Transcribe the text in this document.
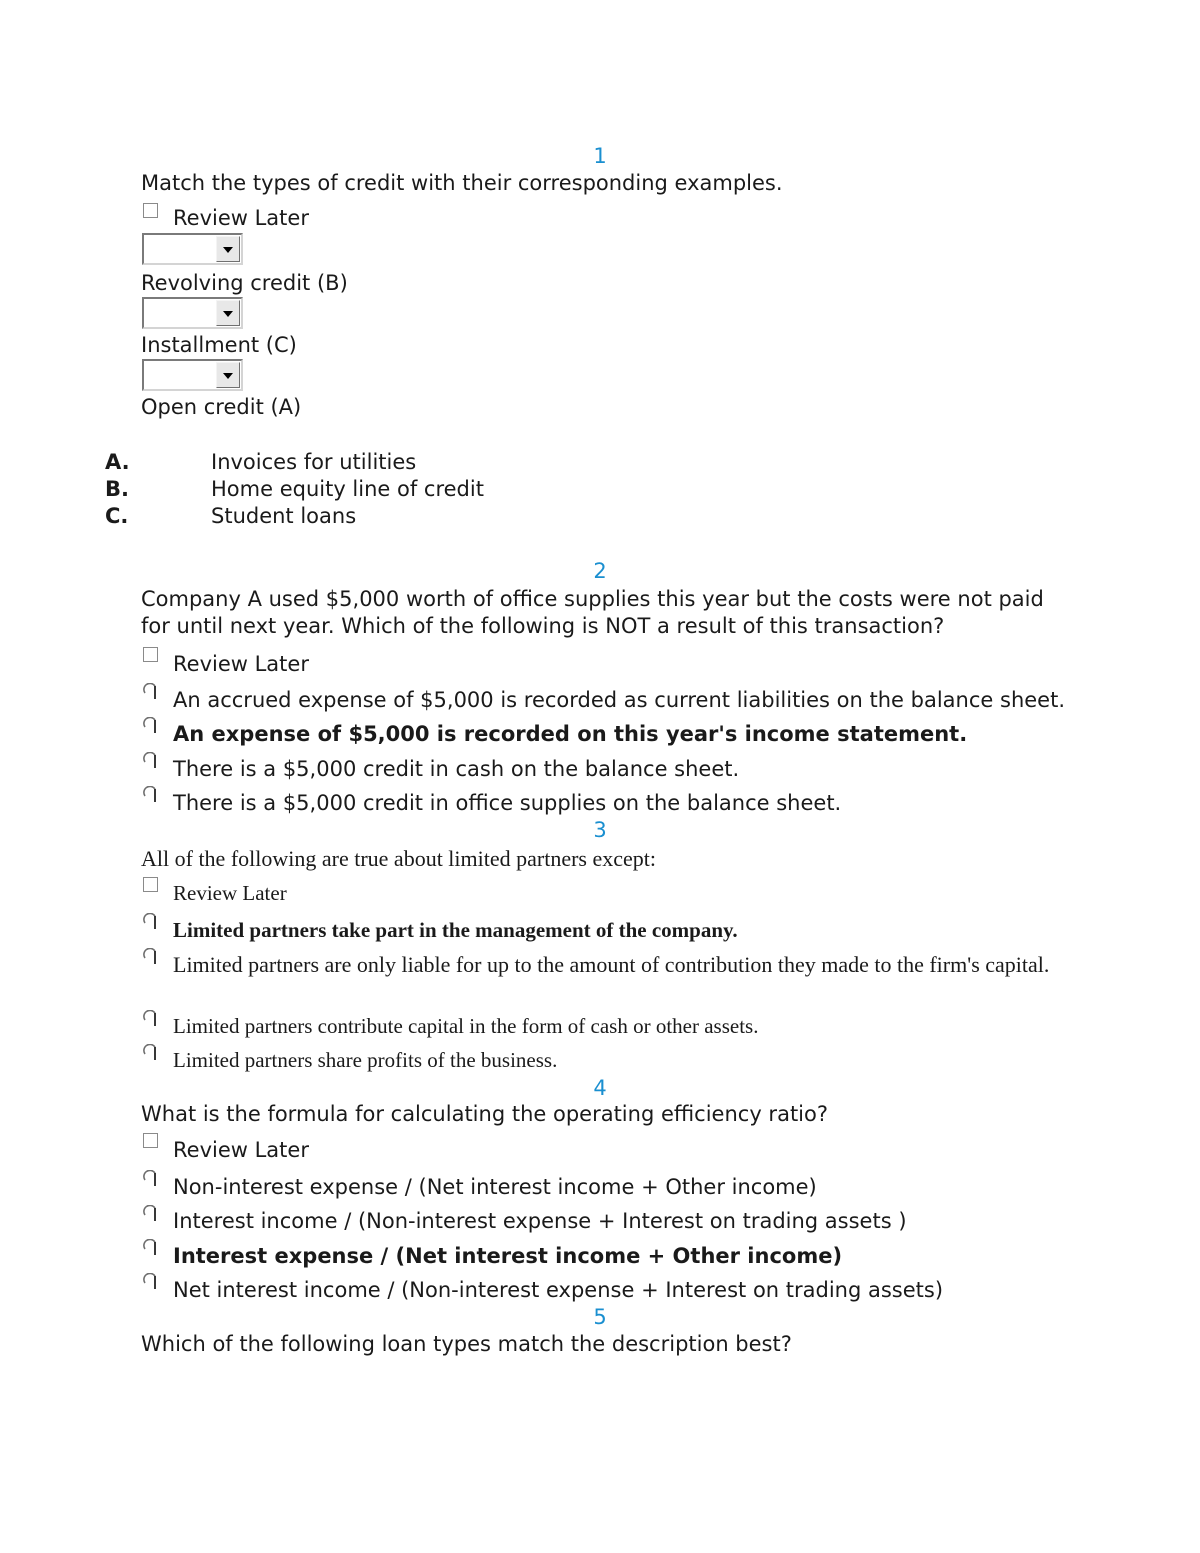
1
Match the types of credit with their corresponding examples.
Review Later
Revolving credit (B)
Installment (C)
Open credit (A)
A.	Invoices for utilities
B.	Home equity line of credit
C.	Student loans
2
Company A used $5,000 worth of office supplies this year but the costs were not paid for until next year. Which of the following is NOT a result of this transaction?
Review Later
An accrued expense of $5,000 is recorded as current liabilities on the balance sheet.
An expense of $5,000 is recorded on this year's income statement.
There is a $5,000 credit in cash on the balance sheet.
There is a $5,000 credit in office supplies on the balance sheet.
3
All of the following are true about limited partners except:
Review Later
Limited partners take part in the management of the company.
Limited partners are only liable for up to the amount of contribution they made to the firm's capital.
Limited partners contribute capital in the form of cash or other assets.
Limited partners share profits of the business.
4
What is the formula for calculating the operating efficiency ratio?
Review Later
Non-interest expense / (Net interest income + Other income)
Interest income / (Non-interest expense + Interest on trading assets )
Interest expense / (Net interest income + Other income)
Net interest income / (Non-interest expense + Interest on trading assets)
5
Which of the following loan types match the description best?
